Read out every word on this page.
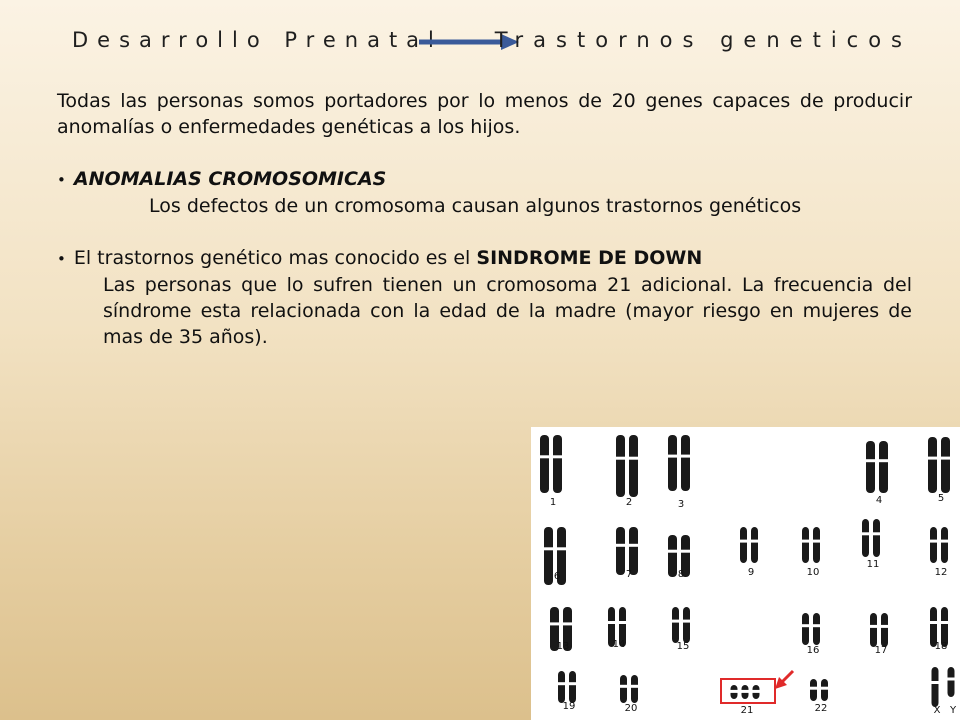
Desarrollo Prenatal Trastornos geneticos

Todas las personas somos portadores por lo menos de 20 genes capaces de producir anomalías o enfermedades genéticas a los hijos.

• ANOMALIAS CROMOSOMICAS

Los defectos de un cromosoma causan algunos trastornos genéticos

• El trastornos genético mas conocido es el SINDROME DE DOWN

Las personas que lo sufren tienen un cromosoma 21 adicional. La frecuencia del síndrome esta relacionada con la edad de la madre (mayor riesgo en mujeres de mas de 35 años).

1	2	3	4	5
6	7	8	9	10
11
12
13	14	15	16	17	18
19	20	21	22	X Y
